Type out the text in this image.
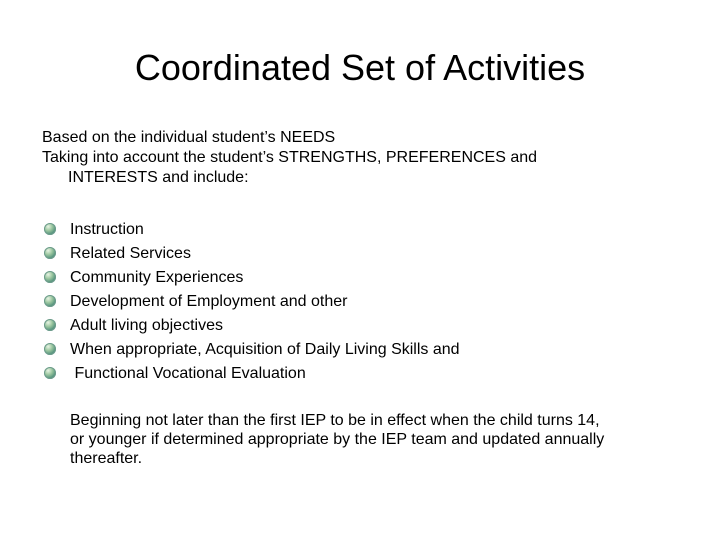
Coordinated Set of Activities
Based on the individual student’s NEEDS
Taking into account the student’s STRENGTHS, PREFERENCES and
INTERESTS and include:
Instruction
Related Services
Community Experiences
Development of Employment and other
Adult living objectives
When appropriate, Acquisition of Daily Living Skills and
Functional Vocational Evaluation
Beginning not later than the first IEP to be in effect when the child turns 14,
or younger if determined appropriate by the IEP team and updated annually
thereafter.
